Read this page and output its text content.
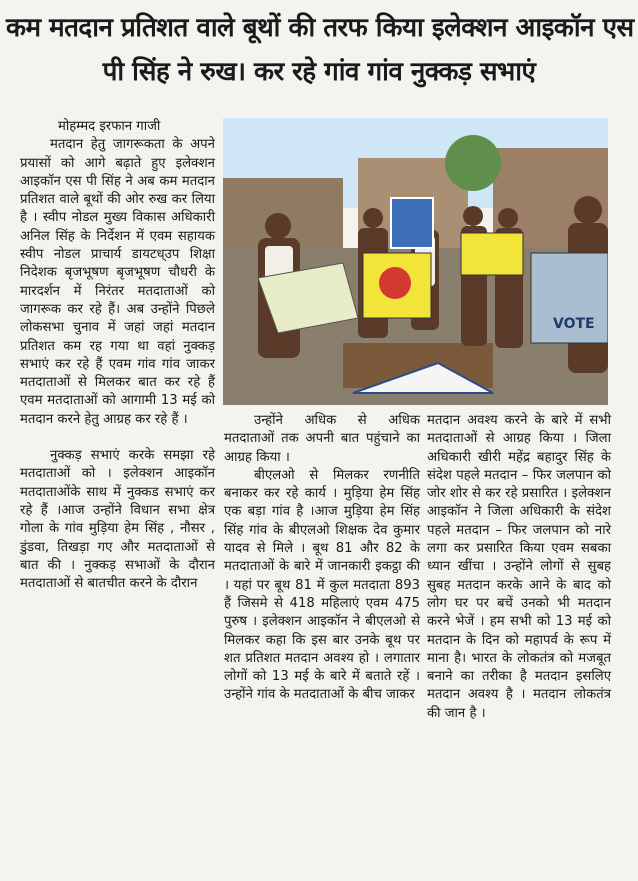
कम मतदान प्रतिशत वाले बूथों की तरफ किया इलेक्शन आइकॉन एस
पी सिंह ने रुख। कर रहे गांव गांव नुक्कड़ सभाएं

मोहम्मद इरफान गाजी

मतदान हेतु जागरूकता के अपने प्रयासों को आगे बढ़ाते हुए इलेक्शन आइकॉन एस पी सिंह ने अब कम मतदान प्रतिशत वाले बूथों की ओर रुख कर लिया है । स्वीप नोडल मुख्य विकास अधिकारी अनिल सिंह के निर्देशन में एवम सहायक स्वीप नोडल प्राचार्य डायटध्उप शिक्षा निदेशक बृजभूषण बृजभूषण चौधरी के मारदर्शन में निरंतर मतदाताओं को जागरूक कर रहे हैं। अब उन्होंने पिछले लोकसभा चुनाव में जहां जहां मतदान प्रतिशत कम रह गया था वहां नुक्कड़ सभाएं कर रहे हैं एवम गांव गांव जाकर मतदाताओं से मिलकर बात कर रहे हैं एवम मतदाताओं को आगामी 13 मई को मतदान करने हेतु आग्रह कर रहे हैं ।

नुक्कड़ सभाएं करके समझा रहे मतदाताओं को । इलेक्शन आइकॉन मतदाताओंके साथ में नुक्कड सभाएं कर रहे हैं ।आज उन्होंने विधान सभा क्षेत्र गोला के गांव मुड़िया हेम सिंह , नौसर , डुंडवा, तिखड़ा गए और मतदाताओं से बात की । नुक्कड़ सभाओं के दौरान मतदाताओं से बातचीत करने के दौरान

VOTE

उन्होंने अधिक से अधिक मतदाताओं तक अपनी बात पहुंचाने का आग्रह किया ।

बीएलओ से मिलकर रणनीति बनाकर कर रहे कार्य । मुड़िया हेम सिंह एक बड़ा गांव है ।आज मुड़िया हेम सिंह सिंह गांव के बीएलओ शिक्षक देव कुमार यादव से मिले । बूथ 81 और 82 के मतदाताओं के बारे में जानकारी इकट्ठा की । यहां पर बूथ 81 में कुल मतदाता 893 हैं जिसमे से 418 महिलाएं एवम 475 पुरुष । इलेक्शन आइकॉन ने बीएलओ से मिलकर कहा कि इस बार उनके बूथ पर शत प्रतिशत मतदान अवश्य हो । लगातार लोगों को 13 मई के बारे में बताते रहें ।उन्होंने गांव के मतदाताओं के बीच जाकर

मतदान अवश्य करने के बारे में सभी मतदाताओं से आग्रह किया । जिला अधिकारी खीरी महेंद्र बहादुर सिंह के संदेश पहले मतदान – फिर जलपान को जोर शोर से कर रहे प्रसारित । इलेक्शन आइकॉन ने जिला अधिकारी के संदेश पहले मतदान – फिर जलपान को नारे लगा कर प्रसारित किया एवम सबका ध्यान खींचा । उन्होंने लोगों से सुबह सुबह मतदान करके आने के बाद को लोग घर पर बचें उनको भी मतदान करने भेजें । हम सभी को 13 मई को मतदान के दिन को महापर्व के रूप में माना है। भारत के लोकतंत्र को मजबूत बनाने का तरीका है मतदान इसलिए मतदान अवश्य है । मतदान लोकतंत्र की जान है ।
